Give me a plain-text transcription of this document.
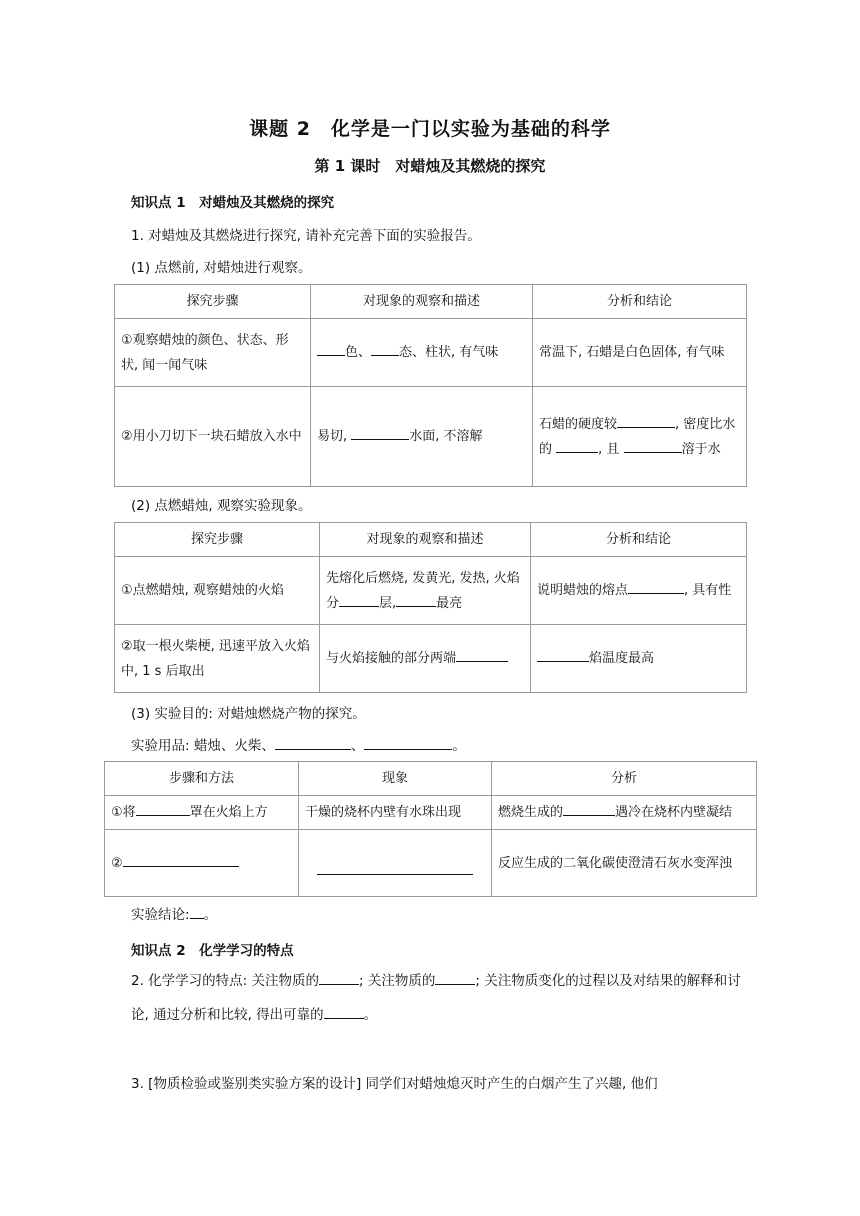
课题 2　化学是一门以实验为基础的科学
第 1 课时　对蜡烛及其燃烧的探究
知识点 1　对蜡烛及其燃烧的探究
1. 对蜡烛及其燃烧进行探究, 请补充完善下面的实验报告。
(1) 点燃前, 对蜡烛进行观察。
探究步骤	对现象的观察和描述	分析和结论
①观察蜡烛的颜色、状态、形状, 闻一闻气味	色、 态、柱状, 有气味	常温下, 石蜡是白色固体, 有气味
②用小刀切下一块石蜡放入水中	易切, 水面, 不溶解	石蜡的硬度较 , 密度比水的 , 且 溶于水
(2) 点燃蜡烛, 观察实验现象。
探究步骤	对现象的观察和描述	分析和结论
①点燃蜡烛, 观察蜡烛的火焰	先熔化后燃烧, 发黄光, 发热, 火焰分 层, 最亮	说明蜡烛的熔点 , 具有性
②取一根火柴梗, 迅速平放入火焰中, 1 s 后取出	与火焰接触的部分两端	焰温度最高
(3) 实验目的: 对蜡烛燃烧产物的探究。
实验用品: 蜡烛、火柴、	、	。
步骤和方法	现象	分析
①将 罩在火焰上方	干燥的烧杯内壁有水珠出现	燃烧生成的 遇冷在烧杯内壁凝结
②		反应生成的二氧化碳使澄清石灰水变浑浊
实验结论: 。
知识点 2　化学学习的特点
2. 化学学习的特点: 关注物质的	; 关注物质的	; 关注物质变化的过程以及对结果的解释和讨论, 通过分析和比较, 得出可靠的	。
3. [物质检验或鉴别类实验方案的设计] 同学们对蜡烛熄灭时产生的白烟产生了兴趣, 他们
